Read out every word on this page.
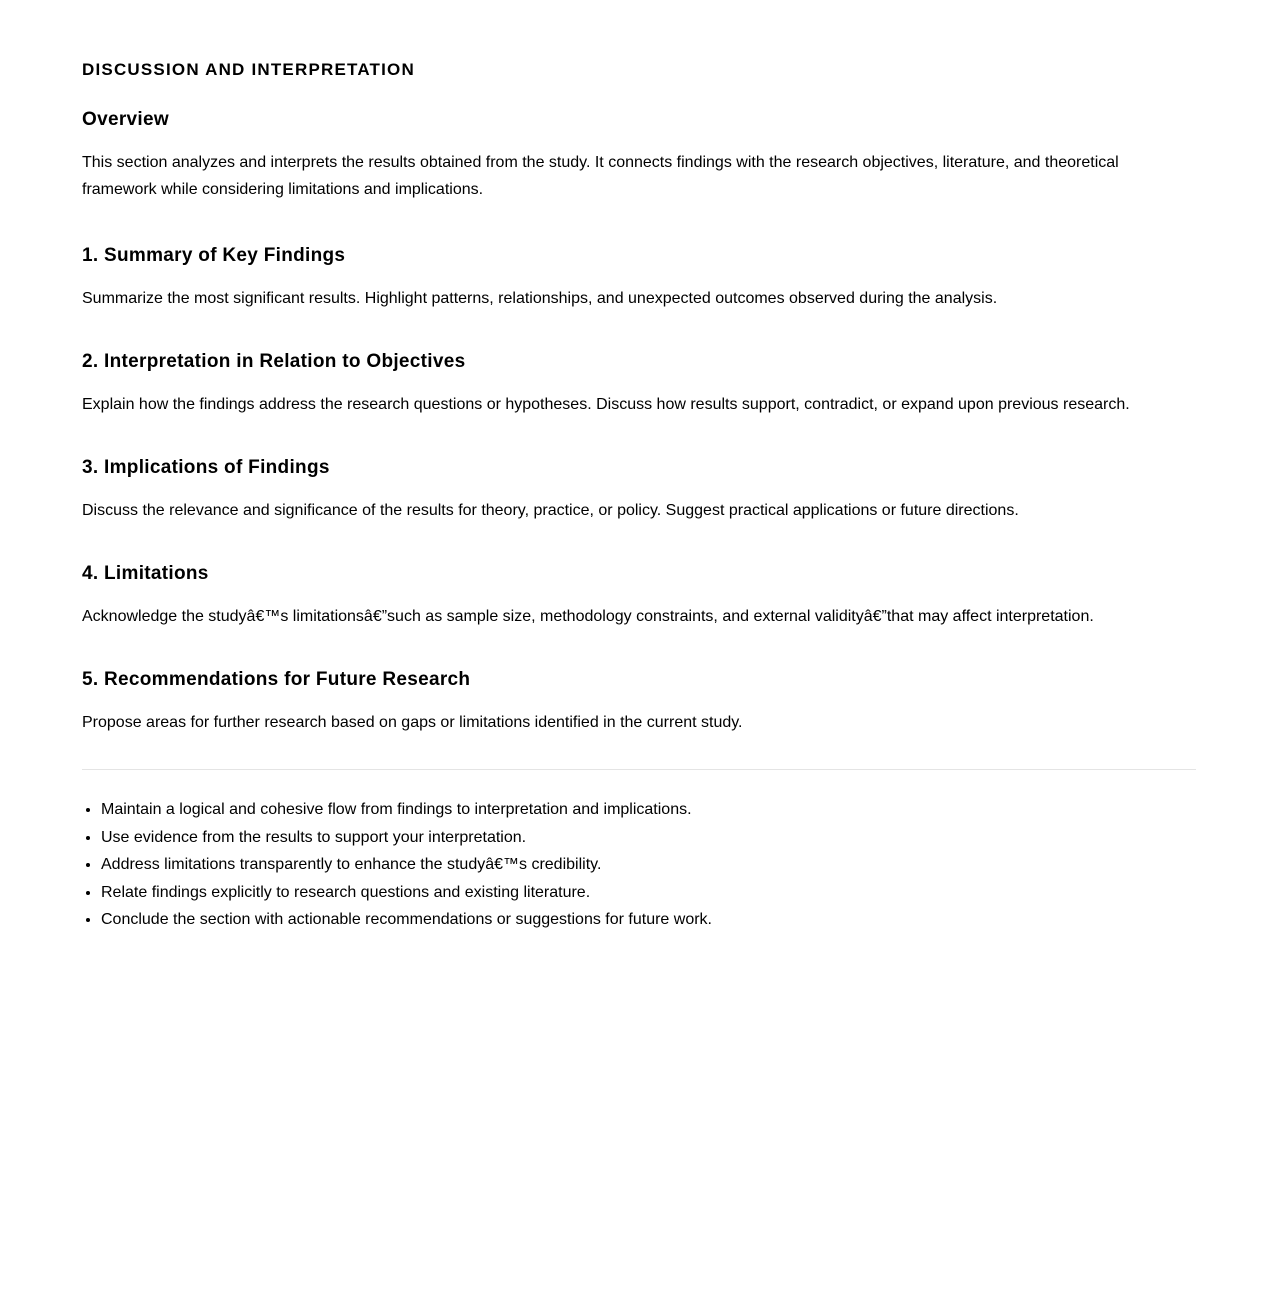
DISCUSSION AND INTERPRETATION
Overview

This section analyzes and interprets the results obtained from the study. It connects findings with the research objectives, literature, and theoretical framework while considering limitations and implications.

1. Summary of Key Findings

Summarize the most significant results. Highlight patterns, relationships, and unexpected outcomes observed during the analysis.

2. Interpretation in Relation to Objectives

Explain how the findings address the research questions or hypotheses. Discuss how results support, contradict, or expand upon previous research.

3. Implications of Findings

Discuss the relevance and significance of the results for theory, practice, or policy. Suggest practical applications or future directions.

4. Limitations

Acknowledge the studyâ€™s limitationsâ€”such as sample size, methodology constraints, and external validityâ€”that may affect interpretation.

5. Recommendations for Future Research

Propose areas for further research based on gaps or limitations identified in the current study.

• Maintain a logical and cohesive flow from findings to interpretation and implications.
• Use evidence from the results to support your interpretation.
• Address limitations transparently to enhance the studyâ€™s credibility.
• Relate findings explicitly to research questions and existing literature.
• Conclude the section with actionable recommendations or suggestions for future work.
